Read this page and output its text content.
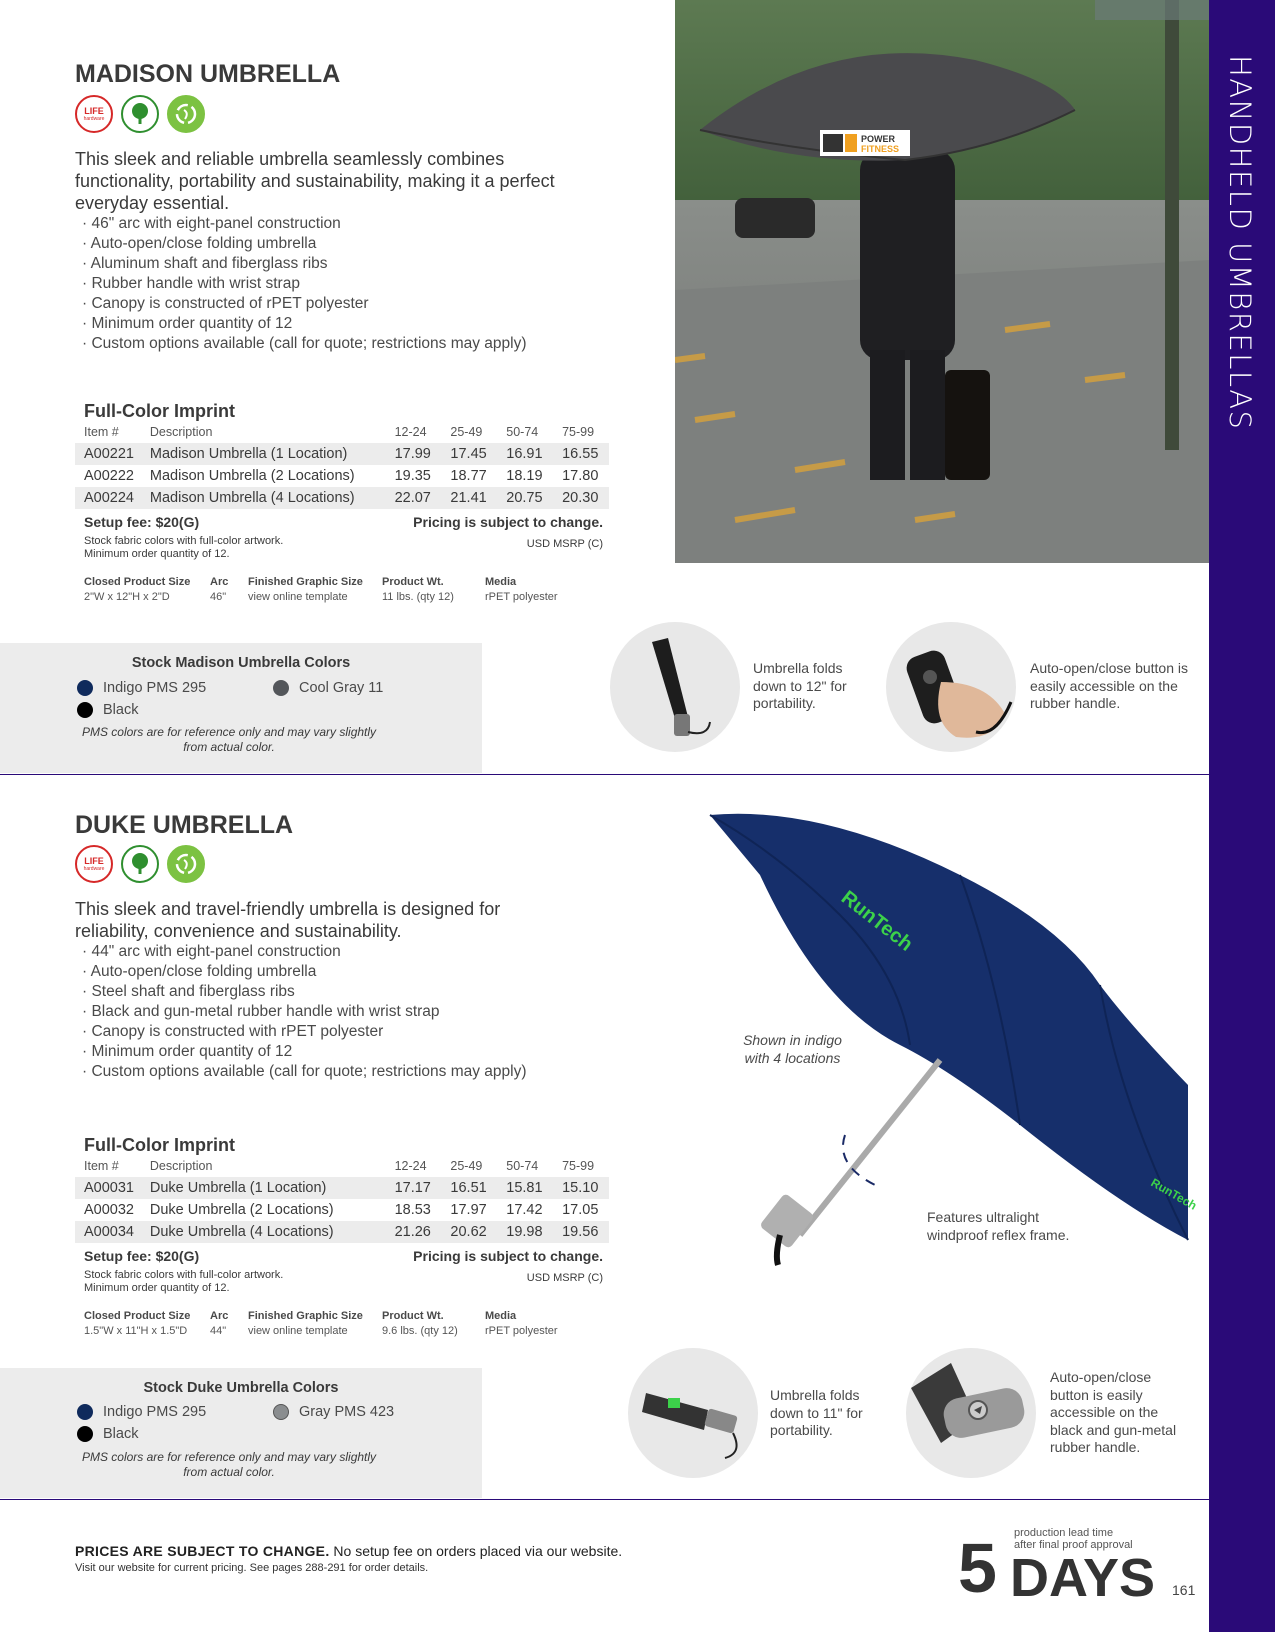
HANDHELD UMBRELLAS
MADISON UMBRELLA
LIFE
hardware
This sleek and reliable umbrella seamlessly combines functionality, portability and sustainability, making it a perfect everyday essential.
· 46" arc with eight-panel construction
· Auto-open/close folding umbrella
· Aluminum shaft and fiberglass ribs
· Rubber handle with wrist strap
· Canopy is constructed of rPET polyester
· Minimum order quantity of 12
· Custom options available (call for quote; restrictions may apply)
Full-Color Imprint
Item #	Description	12-24	25-49	50-74	75-99
A00221	Madison Umbrella (1 Location)	17.99	17.45	16.91	16.55
A00222	Madison Umbrella (2 Locations)	19.35	18.77	18.19	17.80
A00224	Madison Umbrella (4 Locations)	22.07	21.41	20.75	20.30
Setup fee: $20(G)	Pricing is subject to change.
Stock fabric colors with full-color artwork.
Minimum order quantity of 12.
USD MSRP (C)
Closed Product Size
2"W x 12"H x 2"D
Arc
46"
Finished Graphic Size
view online template
Product Wt.
11 lbs. (qty 12)
Media
rPET polyester
Stock Madison Umbrella Colors
Indigo PMS 295	Cool Gray 11
Black
PMS colors are for reference only and may vary slightly
from actual color.
POWER
FITNESS
Umbrella folds down to 12" for portability.
Auto-open/close button is easily accessible on the rubber handle.
DUKE UMBRELLA
LIFE
hardware
This sleek and travel-friendly umbrella is designed for reliability, convenience and sustainability.
· 44" arc with eight-panel construction
· Auto-open/close folding umbrella
· Steel shaft and fiberglass ribs
· Black and gun-metal rubber handle with wrist strap
· Canopy is constructed with rPET polyester
· Minimum order quantity of 12
· Custom options available (call for quote; restrictions may apply)
Full-Color Imprint
Item #	Description	12-24	25-49	50-74	75-99
A00031	Duke Umbrella (1 Location)	17.17	16.51	15.81	15.10
A00032	Duke Umbrella (2 Locations)	18.53	17.97	17.42	17.05
A00034	Duke Umbrella (4 Locations)	21.26	20.62	19.98	19.56
Setup fee: $20(G)	Pricing is subject to change.
Stock fabric colors with full-color artwork.
Minimum order quantity of 12.
USD MSRP (C)
Closed Product Size
1.5"W x 11"H x 1.5"D
Arc
44"
Finished Graphic Size
view online template
Product Wt.
9.6 lbs. (qty 12)
Media
rPET polyester
Stock Duke Umbrella Colors
Indigo PMS 295	Gray PMS 423
Black
PMS colors are for reference only and may vary slightly
from actual color.
RunTech
RunTech
Shown in indigo with 4 locations
Features ultralight windproof reflex frame.
Umbrella folds down to 11" for portability.
Auto-open/close button is easily accessible on the black and gun-metal rubber handle.
PRICES ARE SUBJECT TO CHANGE. No setup fee on orders placed via our website.
Visit our website for current pricing. See pages 288-291 for order details.
production lead time
after final proof approval
5 DAYS 161
